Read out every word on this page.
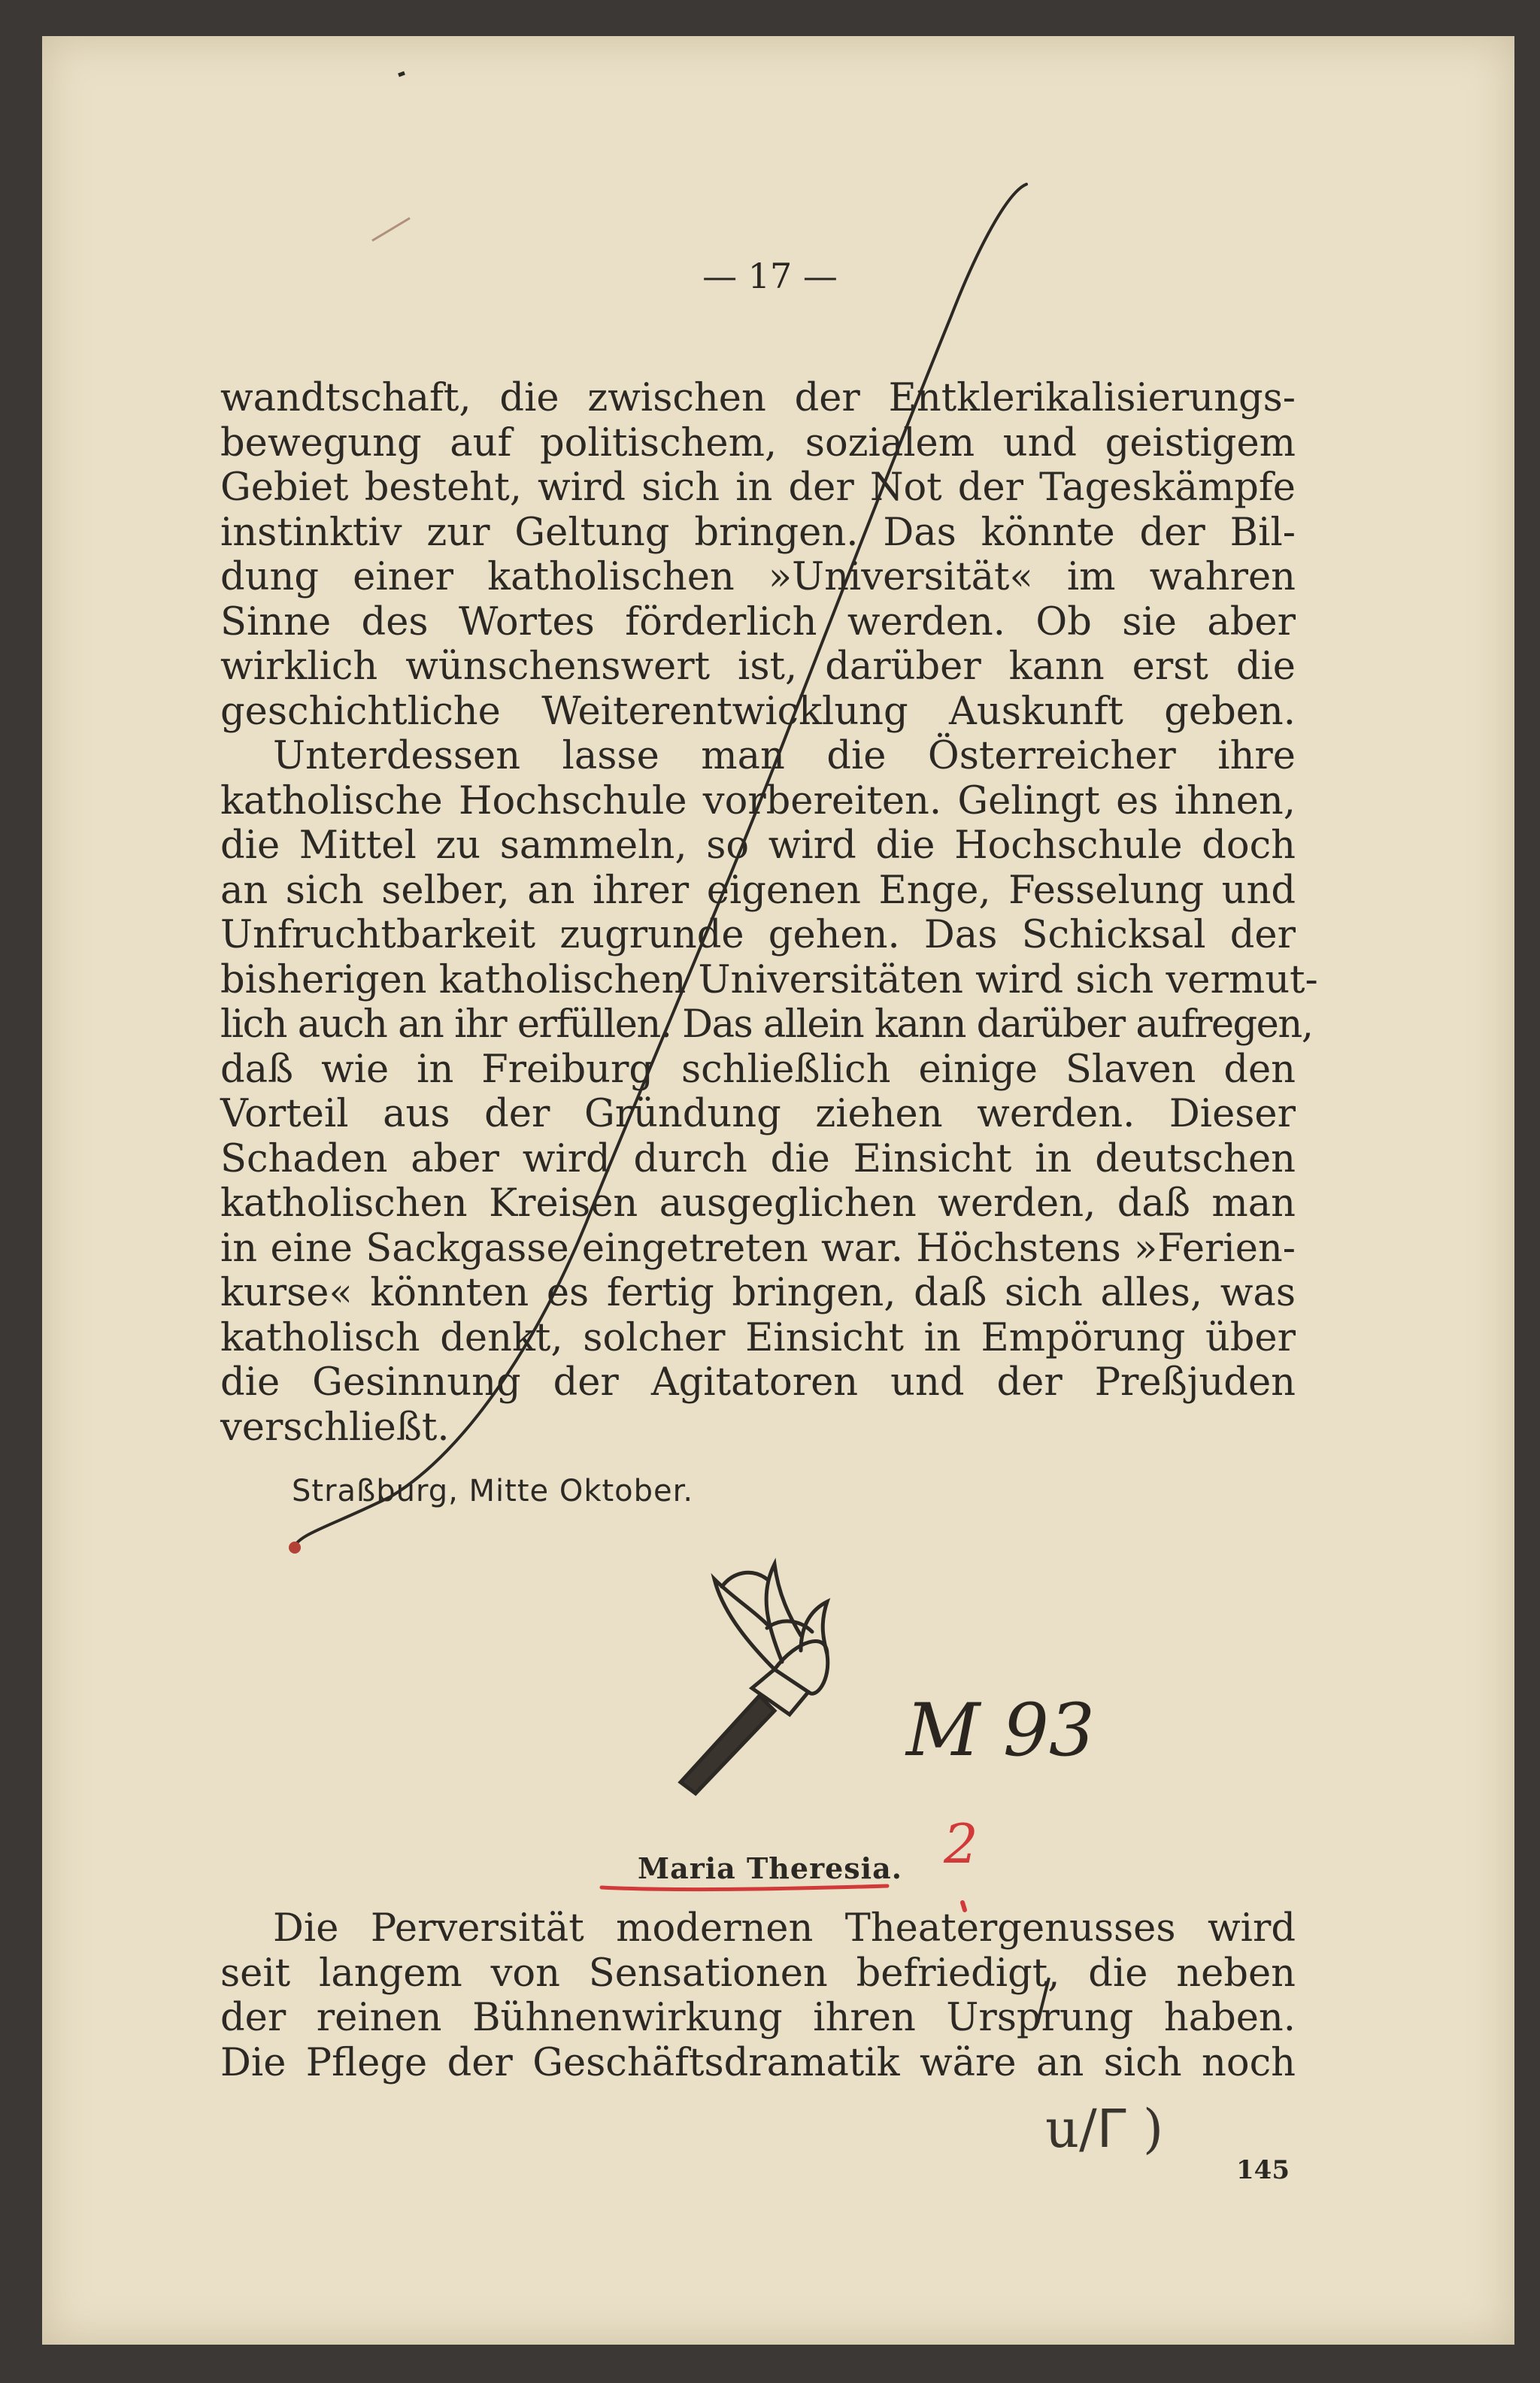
— 17 —
wandtschaft, die zwischen der Entklerikalisierungs-
bewegung auf politischem, sozialem und geistigem
Gebiet besteht, wird sich in der Not der Tageskämpfe
instinktiv zur Geltung bringen. Das könnte der Bil-
dung einer katholischen »Universität« im wahren
Sinne des Wortes förderlich werden. Ob sie aber
wirklich wünschenswert ist, darüber kann erst die
geschichtliche Weiterentwicklung Auskunft geben.
Unterdessen lasse man die Österreicher ihre
katholische Hochschule vorbereiten. Gelingt es ihnen,
die Mittel zu sammeln, so wird die Hochschule doch
an sich selber, an ihrer eigenen Enge, Fesselung und
Unfruchtbarkeit zugrunde gehen. Das Schicksal der
bisherigen katholischen Universitäten wird sich vermut-
lich auch an ihr erfüllen. Das allein kann darüber aufregen,
daß wie in Freiburg schließlich einige Slaven den
Vorteil aus der Gründung ziehen werden. Dieser
Schaden aber wird durch die Einsicht in deutschen
katholischen Kreisen ausgeglichen werden, daß man
in eine Sackgasse eingetreten war. Höchstens »Ferien-
kurse« könnten es fertig bringen, daß sich alles, was
katholisch denkt, solcher Einsicht in Empörung über
die Gesinnung der Agitatoren und der Preßjuden
verschließt.
Straßburg, Mitte Oktober.
M 93
Maria Theresia. 2
Die Perversität modernen Theatergenusses wird
seit langem von Sensationen befriedigt, die neben
der reinen Bühnenwirkung ihren Ursprung haben.
Die Pflege der Geschäftsdramatik wäre an sich noch
ս/ᒥ )
145
